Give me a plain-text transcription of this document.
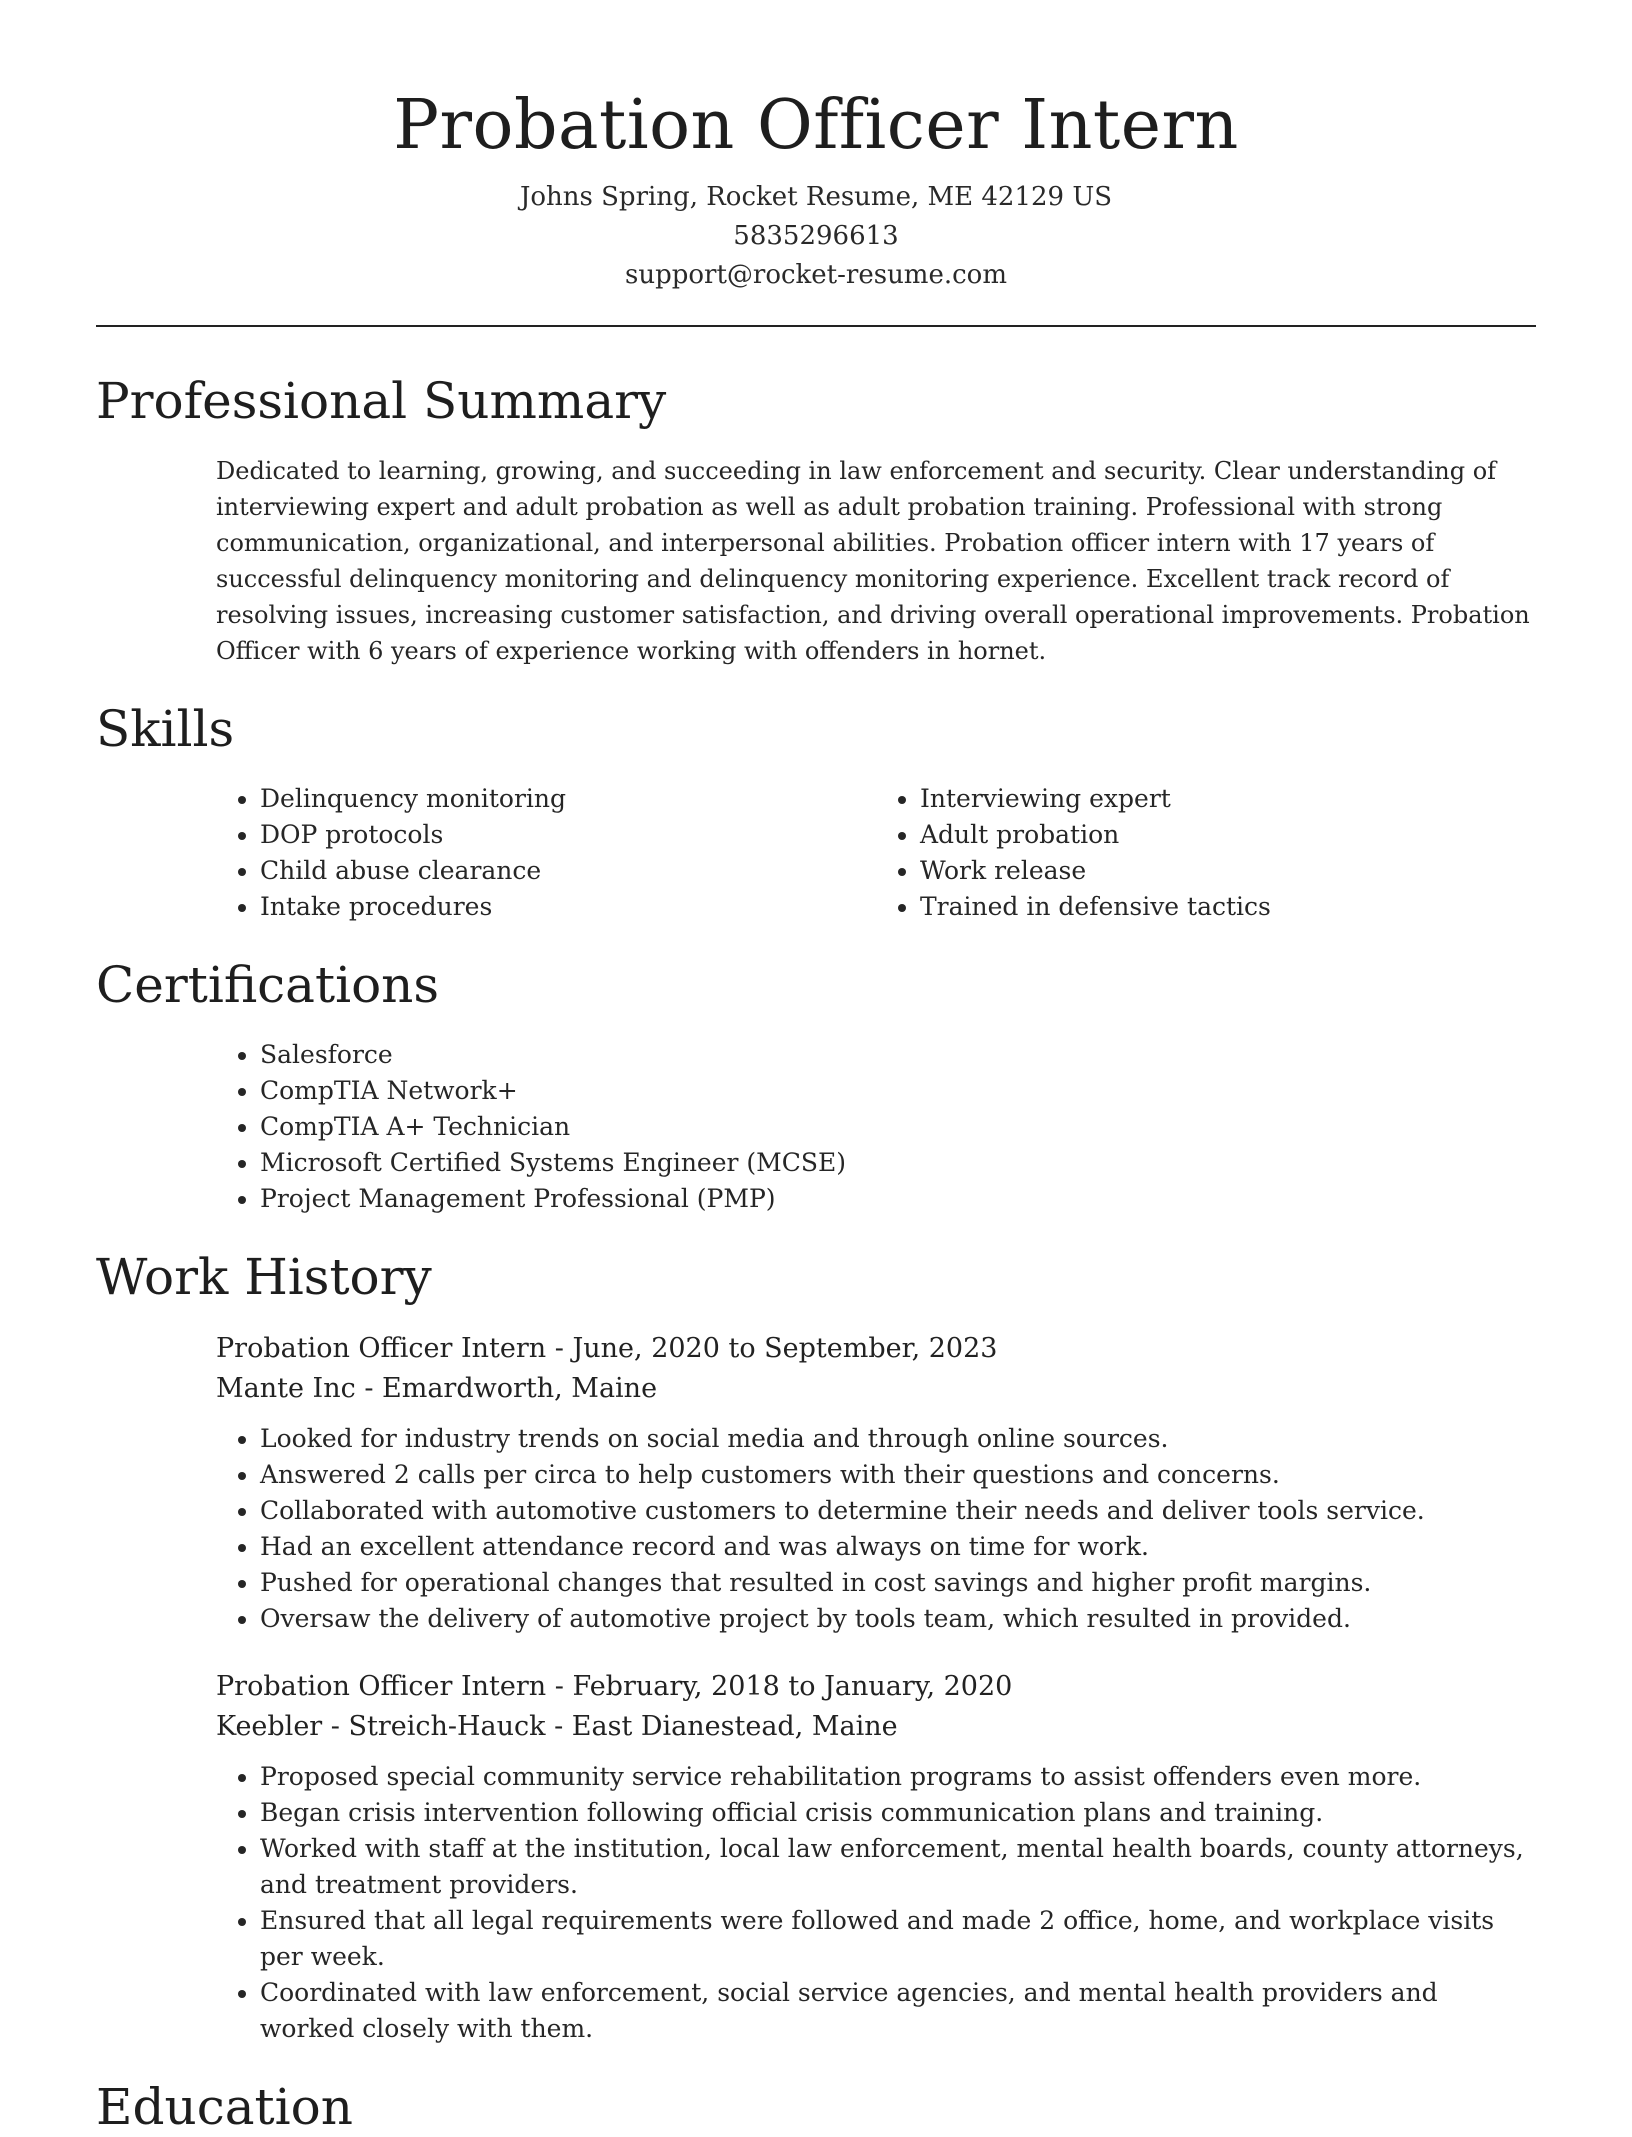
Probation Officer Intern
Johns Spring, Rocket Resume, ME 42129 US
5835296613
support@rocket-resume.com
Professional Summary

Dedicated to learning, growing, and succeeding in law enforcement and security. Clear understanding of interviewing expert and adult probation as well as adult probation training. Professional with strong communication, organizational, and interpersonal abilities. Probation officer intern with 17 years of successful delinquency monitoring and delinquency monitoring experience. Excellent track record of resolving issues, increasing customer satisfaction, and driving overall operational improvements. Probation Officer with 6 years of experience working with offenders in hornet.

Skills
• Delinquency monitoring
• DOP protocols
• Child abuse clearance
• Intake procedures
• Interviewing expert
• Adult probation
• Work release
• Trained in defensive tactics
Certifications
• Salesforce
• CompTIA Network+
• CompTIA A+ Technician
• Microsoft Certified Systems Engineer (MCSE)
• Project Management Professional (PMP)
Work History
Probation Officer Intern - June, 2020 to September, 2023
Mante Inc - Emardworth, Maine
• Looked for industry trends on social media and through online sources.
• Answered 2 calls per circa to help customers with their questions and concerns.
• Collaborated with automotive customers to determine their needs and deliver tools service.
• Had an excellent attendance record and was always on time for work.
• Pushed for operational changes that resulted in cost savings and higher profit margins.
• Oversaw the delivery of automotive project by tools team, which resulted in provided.
Probation Officer Intern - February, 2018 to January, 2020
Keebler - Streich-Hauck - East Dianestead, Maine
• Proposed special community service rehabilitation programs to assist offenders even more.
• Began crisis intervention following official crisis communication plans and training.
• Worked with staff at the institution, local law enforcement, mental health boards, county attorneys, and treatment providers.
• Ensured that all legal requirements were followed and made 2 office, home, and workplace visits per week.
• Coordinated with law enforcement, social service agencies, and mental health providers and worked closely with them.
Education
